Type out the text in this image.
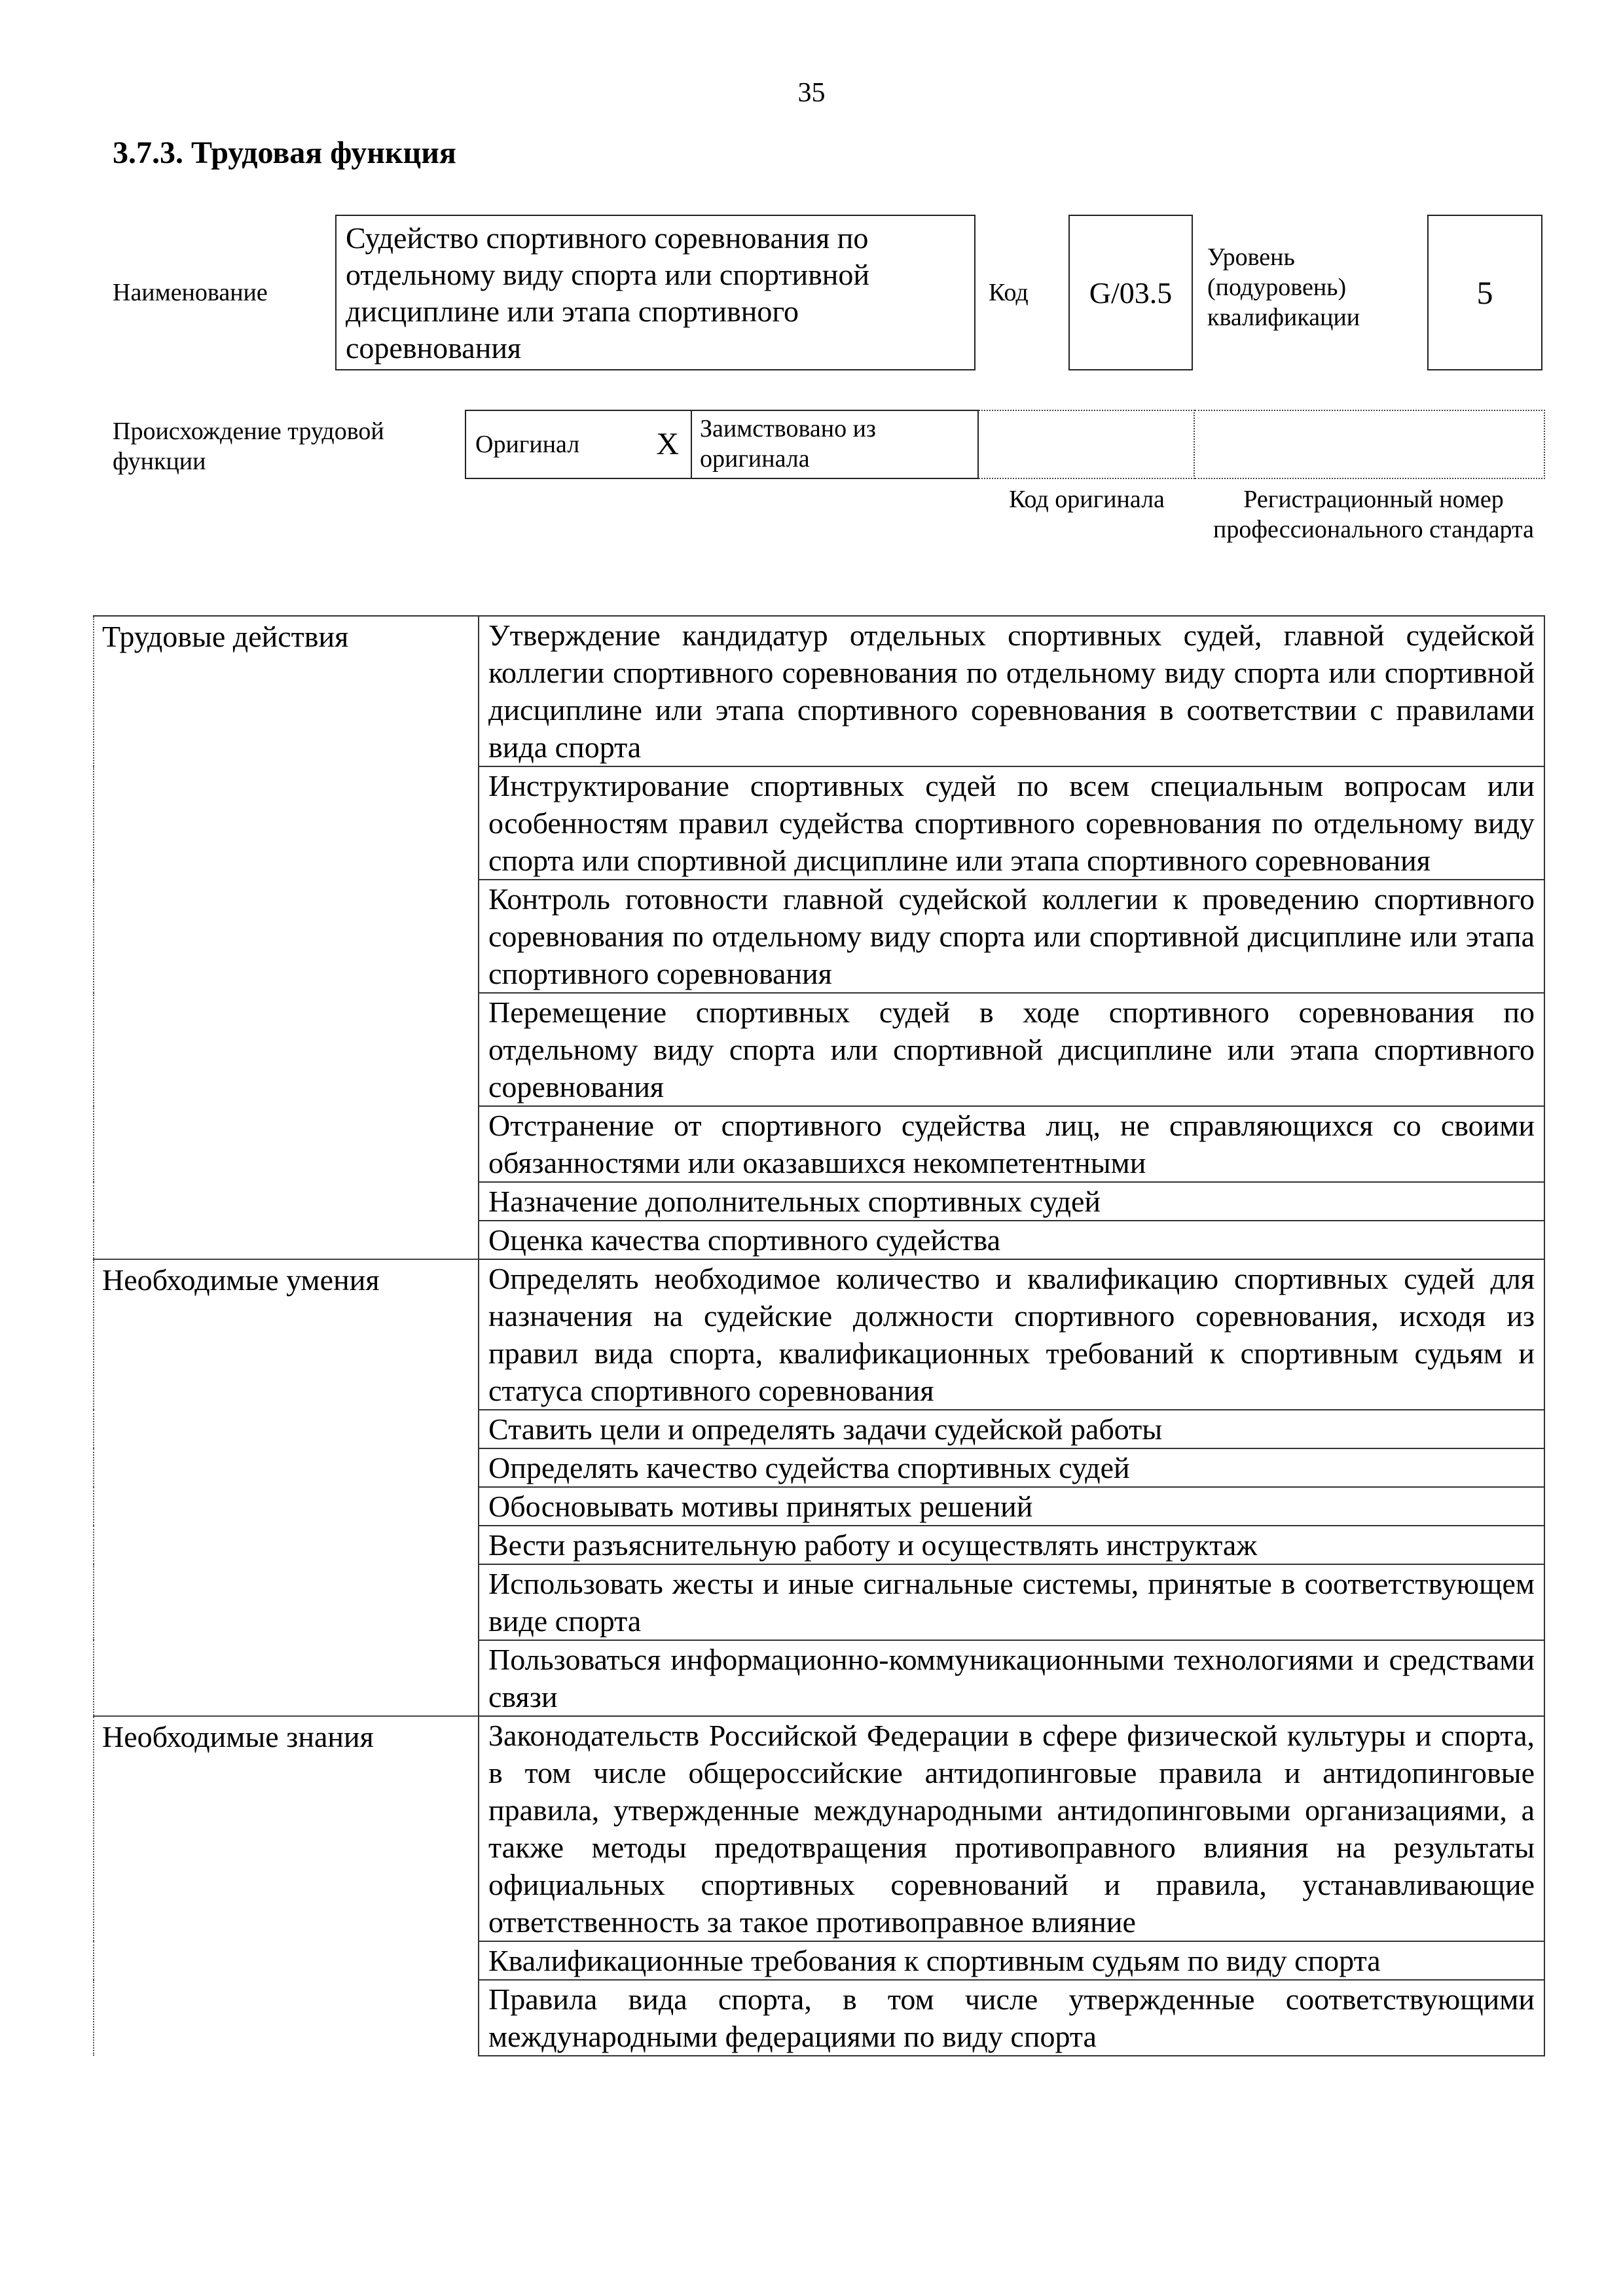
35
3.7.3. Трудовая функция
Наименование
Судейство спортивного соревнования по отдельному виду спорта или спортивной дисциплине или этапа спортивного соревнования
Код	G/03.5
Уровень (подуровень) квалификации
5
Происхождение трудовой функции
Оригинал X Заимствовано из оригинала
Код оригинала	Регистрационный номер профессионального стандарта
Трудовые действия	Утверждение кандидатур отдельных спортивных судей, главной судейской коллегии спортивного соревнования по отдельному виду спорта или спортивной дисциплине или этапа спортивного соревнования в соответствии с правилами вида спорта
	Инструктирование спортивных судей по всем специальным вопросам или особенностям правил судейства спортивного соревнования по отдельному виду спорта или спортивной дисциплине или этапа спортивного соревнования
	Контроль готовности главной судейской коллегии к проведению спортивного соревнования по отдельному виду спорта или спортивной дисциплине или этапа спортивного соревнования
	Перемещение спортивных судей в ходе спортивного соревнования по отдельному виду спорта или спортивной дисциплине или этапа спортивного соревнования
	Отстранение от спортивного судейства лиц, не справляющихся со своими обязанностями или оказавшихся некомпетентными
	Назначение дополнительных спортивных судей
	Оценка качества спортивного судейства
Необходимые умения	Определять необходимое количество и квалификацию спортивных судей для назначения на судейские должности спортивного соревнования, исходя из правил вида спорта, квалификационных требований к спортивным судьям и статуса спортивного соревнования
	Ставить цели и определять задачи судейской работы
	Определять качество судейства спортивных судей
	Обосновывать мотивы принятых решений
	Вести разъяснительную работу и осуществлять инструктаж
	Использовать жесты и иные сигнальные системы, принятые в соответствующем виде спорта
	Пользоваться информационно-коммуникационными технологиями и средствами связи
Необходимые знания	Законодательств Российской Федерации в сфере физической культуры и спорта, в том числе общероссийские антидопинговые правила и антидопинговые правила, утвержденные международными антидопинговыми организациями, а также методы предотвращения противоправного влияния на результаты официальных спортивных соревнований и правила, устанавливающие ответственность за такое противоправное влияние
	Квалификационные требования к спортивным судьям по виду спорта
	Правила вида спорта, в том числе утвержденные соответствующими международными федерациями по виду спорта
